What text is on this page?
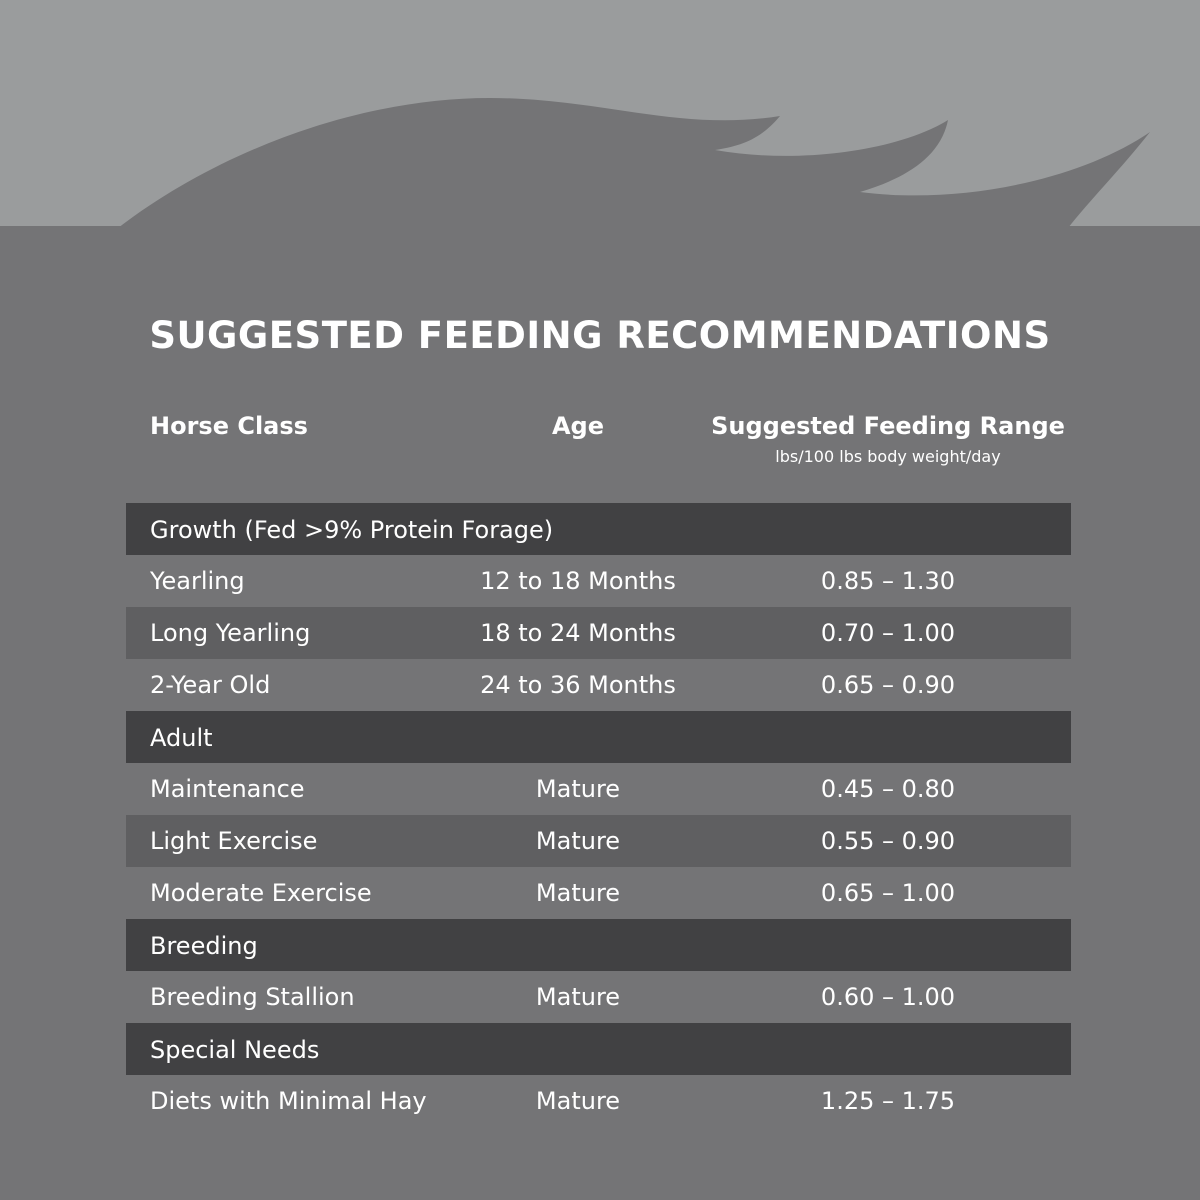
SUGGESTED FEEDING RECOMMENDATIONS
Horse Class	Age	Suggested Feeding Range
lbs/100 lbs body weight/day
Growth (Fed >9% Protein Forage)
Yearling	12 to 18 Months	0.85 – 1.30
Long Yearling	18 to 24 Months	0.70 – 1.00
2-Year Old	24 to 36 Months	0.65 – 0.90
Adult
Maintenance	Mature	0.45 – 0.80
Light Exercise	Mature	0.55 – 0.90
Moderate Exercise	Mature	0.65 – 1.00
Breeding
Breeding Stallion	Mature	0.60 – 1.00
Special Needs
Diets with Minimal Hay	Mature	1.25 – 1.75
